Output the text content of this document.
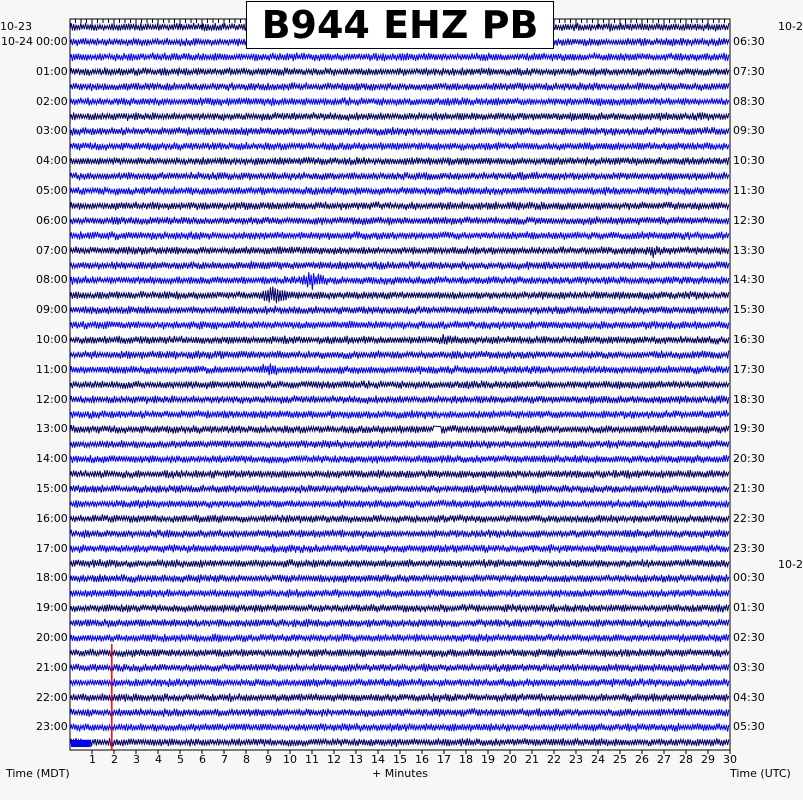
B944 EHZ PB
10-23
10-24
10-2
10-2
00:00
01:00
02:00
03:00
04:00
05:00
06:00
07:00
08:00
09:00
10:00
11:00
12:00
13:00
14:00
15:00
16:00
17:00
18:00
19:00
20:00
21:00
22:00
23:00
06:30
07:30
08:30
09:30
10:30
11:30
12:30
13:30
14:30
15:30
16:30
17:30
18:30
19:30
20:30
21:30
22:30
23:30
00:30
01:30
02:30
03:30
04:30
05:30
1 2 3 4 5 6 7 8 9 10 11 12 13 14 15 16 17 18 19 20 21 22 23 24 25 26 27 28 29 30
Time (MDT)	+ Minutes	Time (UTC)
